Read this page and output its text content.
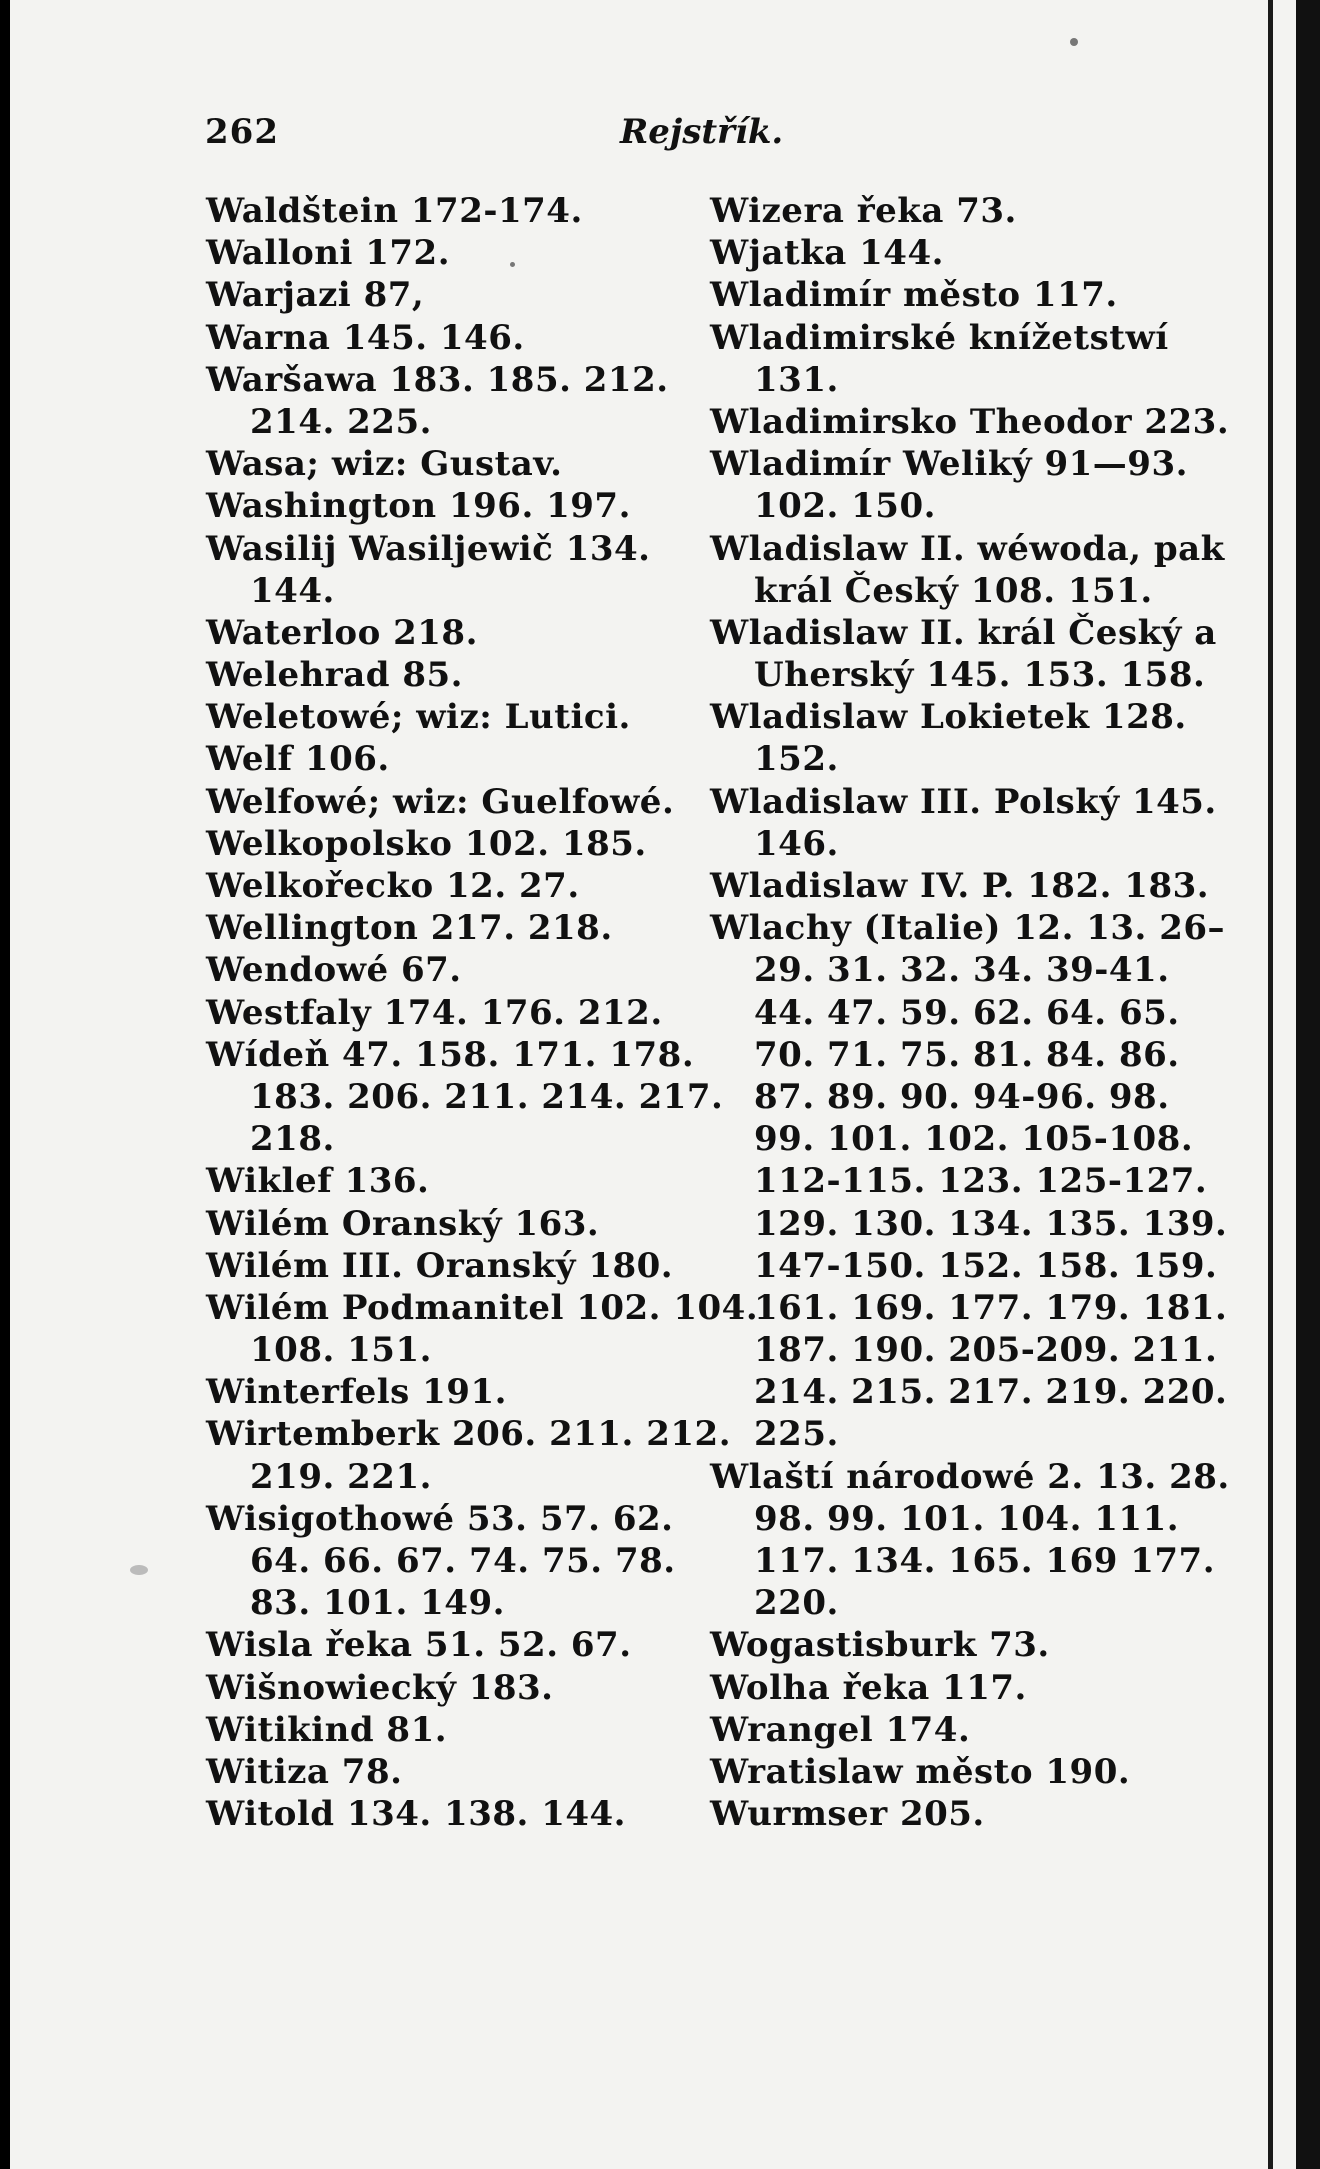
262	Rejstřík.
Waldštein 172-174.
Walloni 172.
Warjazi 87,
Warna 145. 146.
Waršawa 183. 185. 212.
214. 225.
Wasa; wiz: Gustav.
Washington 196. 197.
Wasilij Wasiljewič 134.
144.
Waterloo 218.
Welehrad 85.
Weletowé; wiz: Lutici.
Welf 106.
Welfowé; wiz: Guelfowé.
Welkopolsko 102. 185.
Welkořecko 12. 27.
Wellington 217. 218.
Wendowé 67.
Westfaly 174. 176. 212.
Wídeň 47. 158. 171. 178.
183. 206. 211. 214. 217.
218.
Wiklef 136.
Wilém Oranský 163.
Wilém III. Oranský 180.
Wilém Podmanitel 102. 104.
108. 151.
Winterfels 191.
Wirtemberk 206. 211. 212.
219. 221.
Wisigothowé 53. 57. 62.
64. 66. 67. 74. 75. 78.
83. 101. 149.
Wisla řeka 51. 52. 67.
Wišnowiecký 183.
Witikind 81.
Witiza 78.
Witold 134. 138. 144.
Wizera řeka 73.
Wjatka 144.
Wladimír město 117.
Wladimirské knížetstwí
131.
Wladimirsko Theodor 223.
Wladimír Weliký 91—93.
102. 150.
Wladislaw II. wéwoda, pak
král Český 108. 151.
Wladislaw II. král Český a
Uherský 145. 153. 158.
Wladislaw Lokietek 128.
152.
Wladislaw III. Polský 145.
146.
Wladislaw IV. P. 182. 183.
Wlachy (Italie) 12. 13. 26–
29. 31. 32. 34. 39-41.
44. 47. 59. 62. 64. 65.
70. 71. 75. 81. 84. 86.
87. 89. 90. 94-96. 98.
99. 101. 102. 105-108.
112-115. 123. 125-127.
129. 130. 134. 135. 139.
147-150. 152. 158. 159.
161. 169. 177. 179. 181.
187. 190. 205-209. 211.
214. 215. 217. 219. 220.
225.
Wlaští národowé 2. 13. 28.
98. 99. 101. 104. 111.
117. 134. 165. 169 177.
220.
Wogastisburk 73.
Wolha řeka 117.
Wrangel 174.
Wratislaw město 190.
Wurmser 205.
